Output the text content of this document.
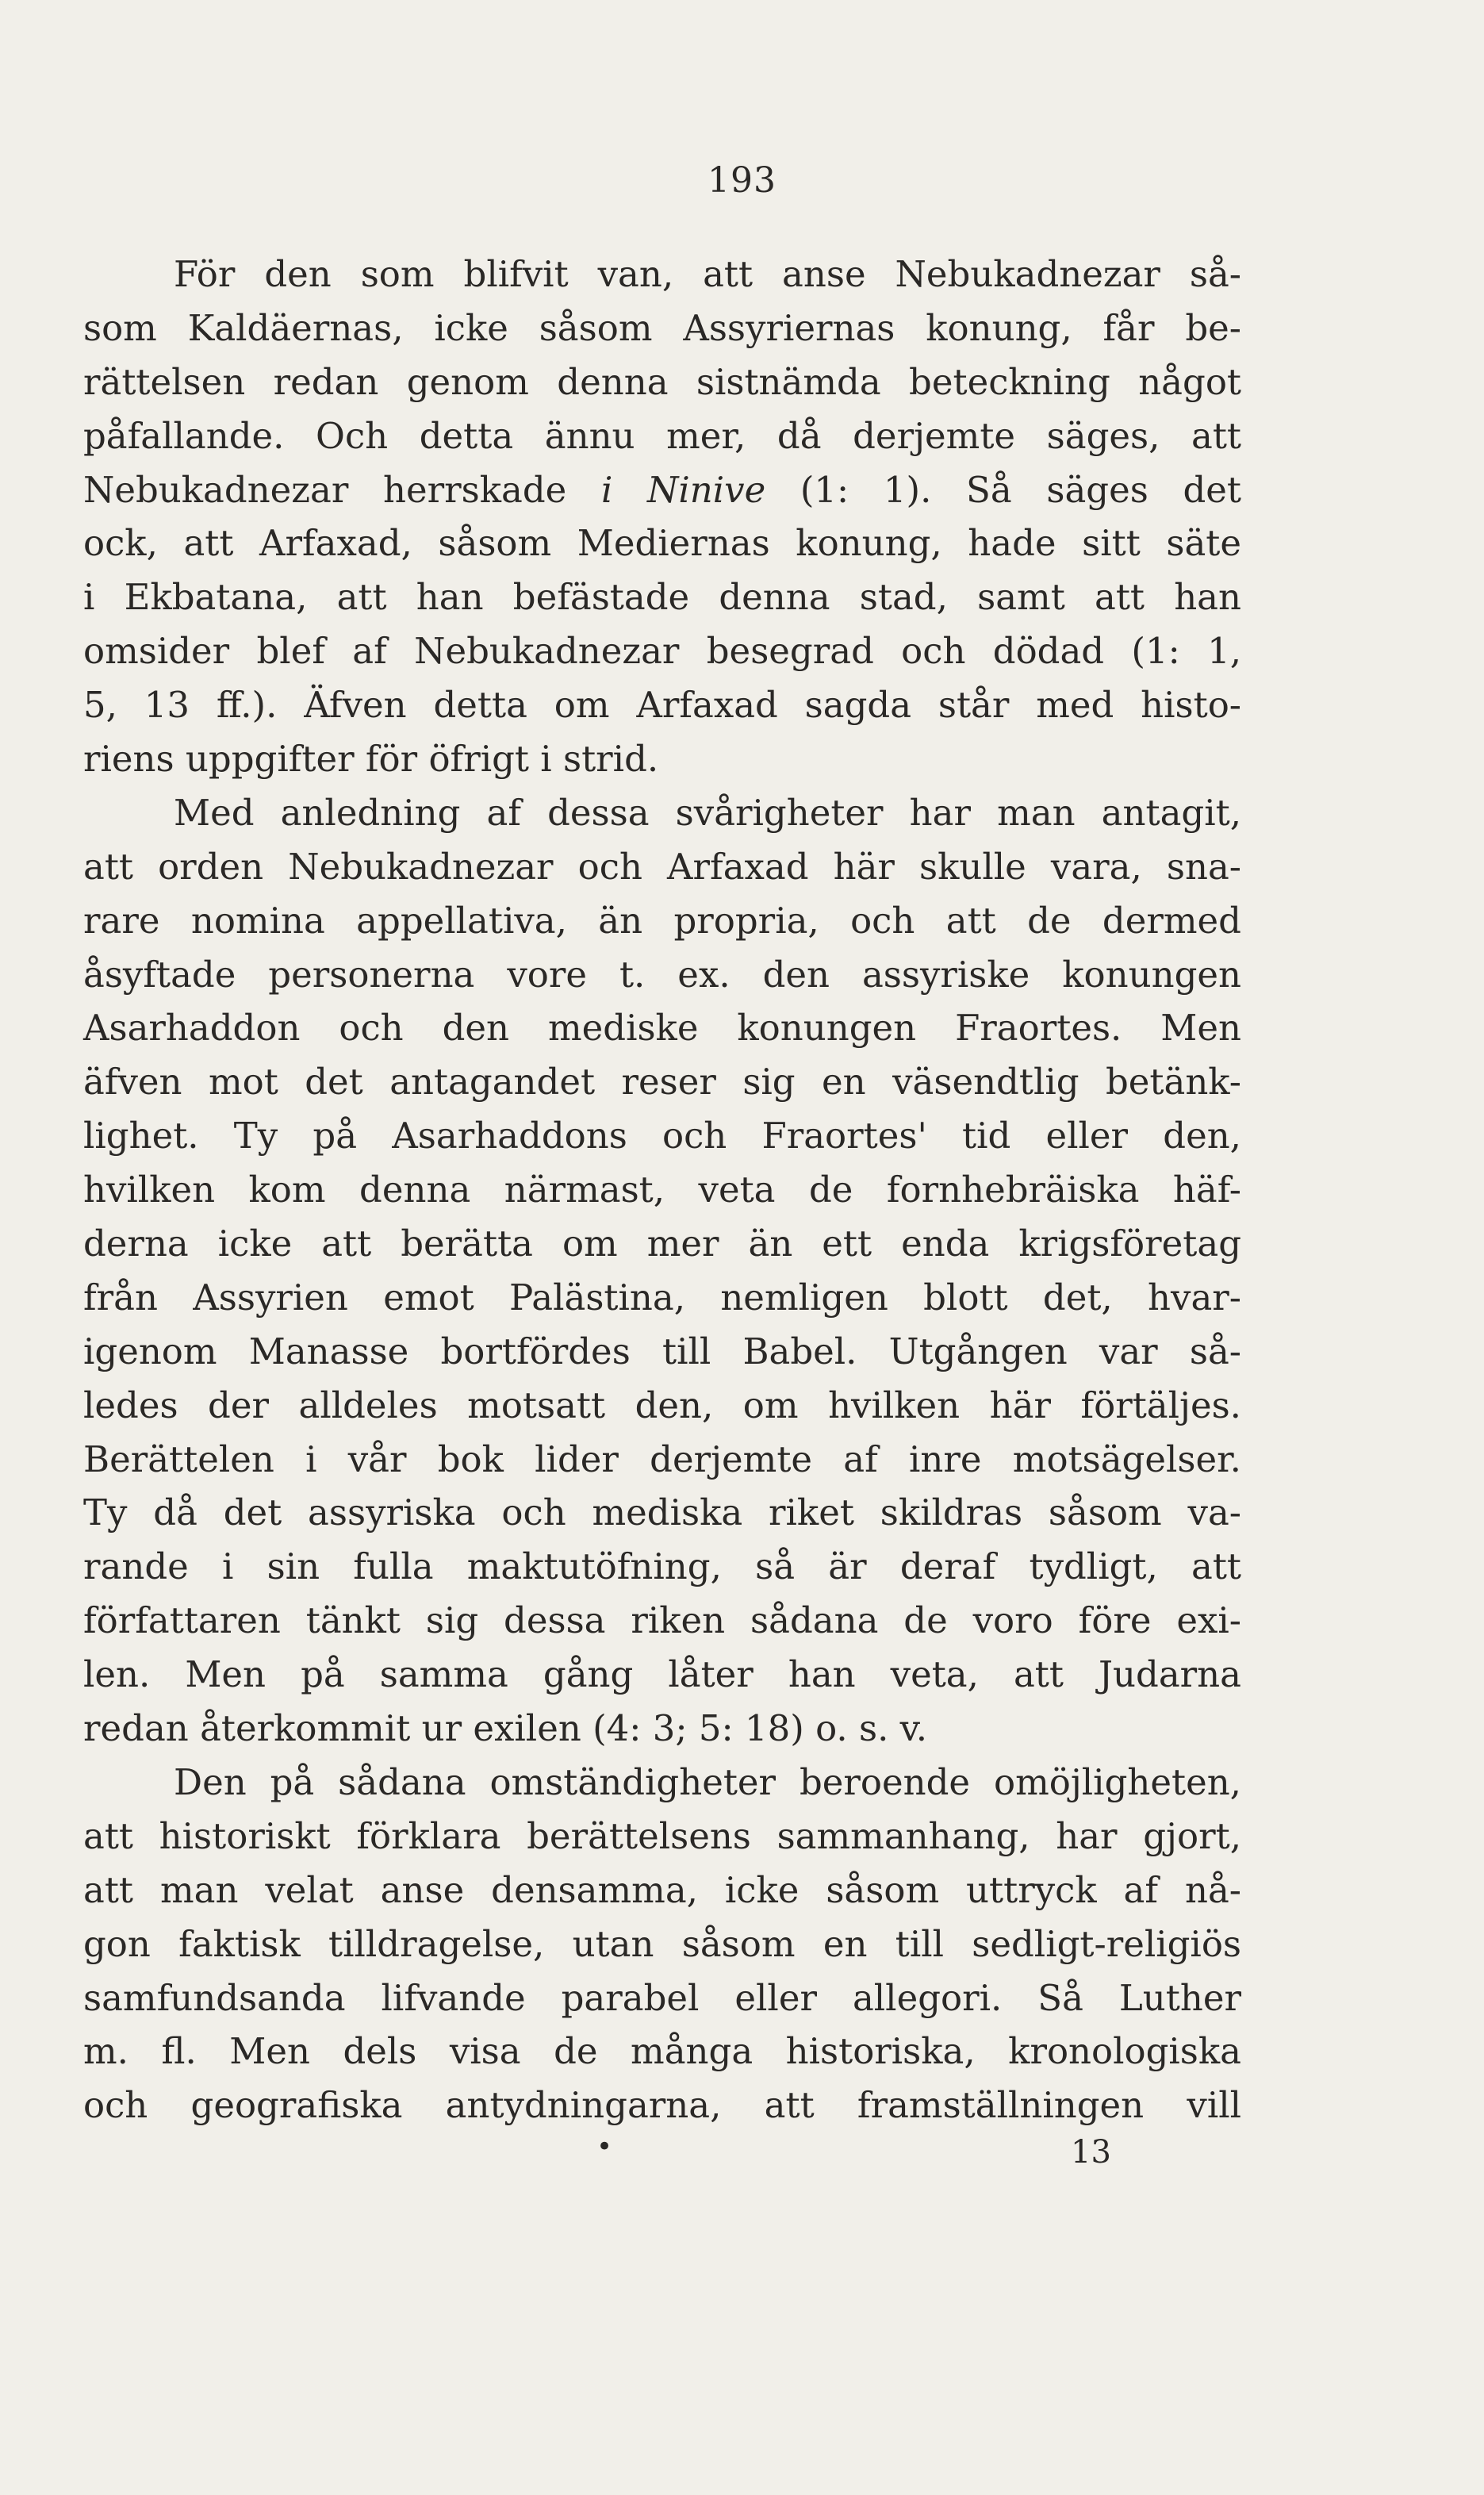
193
För den som blifvit van, att anse Nebukadnezar så-
som Kaldäernas, icke såsom Assyriernas konung, får be-
rättelsen redan genom denna sistnämda beteckning något
påfallande. Och detta ännu mer, då derjemte säges, att
Nebukadnezar herrskade i Ninive (1: 1). Så säges det
ock, att Arfaxad, såsom Mediernas konung, hade sitt säte
i Ekbatana, att han befästade denna stad, samt att han
omsider blef af Nebukadnezar besegrad och dödad (1: 1,
5, 13 ff.). Äfven detta om Arfaxad sagda står med histo-
riens uppgifter för öfrigt i strid.
Med anledning af dessa svårigheter har man antagit,
att orden Nebukadnezar och Arfaxad här skulle vara, sna-
rare nomina appellativa, än propria, och att de dermed
åsyftade personerna vore t. ex. den assyriske konungen
Asarhaddon och den mediske konungen Fraortes. Men
äfven mot det antagandet reser sig en väsendtlig betänk-
lighet. Ty på Asarhaddons och Fraortes' tid eller den,
hvilken kom denna närmast, veta de fornhebräiska häf-
derna icke att berätta om mer än ett enda krigsföretag
från Assyrien emot Palästina, nemligen blott det, hvar-
igenom Manasse bortfördes till Babel. Utgången var så-
ledes der alldeles motsatt den, om hvilken här förtäljes.
Berättelen i vår bok lider derjemte af inre motsägelser.
Ty då det assyriska och mediska riket skildras såsom va-
rande i sin fulla maktutöfning, så är deraf tydligt, att
författaren tänkt sig dessa riken sådana de voro före exi-
len. Men på samma gång låter han veta, att Judarna
redan återkommit ur exilen (4: 3; 5: 18) o. s. v.
Den på sådana omständigheter beroende omöjligheten,
att historiskt förklara berättelsens sammanhang, har gjort,
att man velat anse densamma, icke såsom uttryck af nå-
gon faktisk tilldragelse, utan såsom en till sedligt-religiös
samfundsanda lifvande parabel eller allegori. Så Luther
m. fl. Men dels visa de många historiska, kronologiska
och geografiska antydningarna, att framställningen vill
•	13
